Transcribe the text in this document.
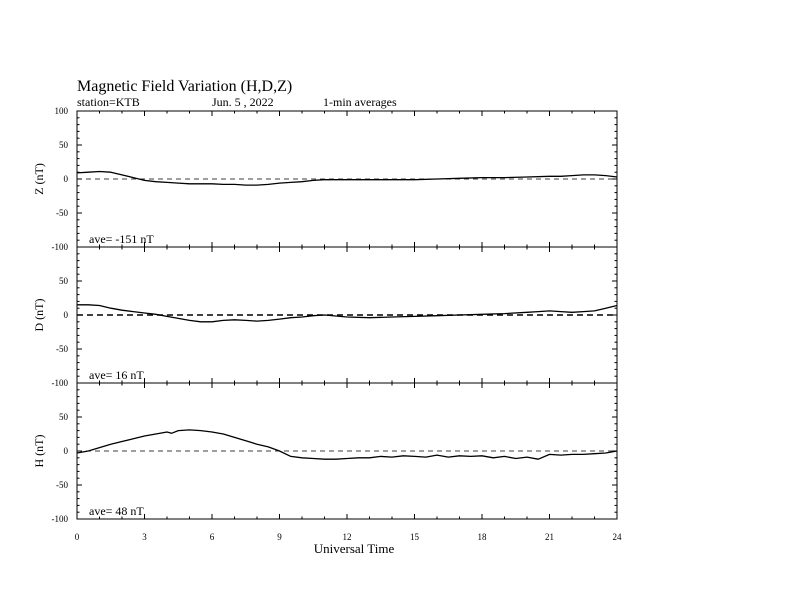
Magnetic Field Variation (H,D,Z)
station=KTB	Jun. 5 , 2022	1-min averages
100
50
0
-50
-100
Z (nT)
ave= -151 nT
50
0
-50
-100
D (nT)
ave= 16 nT
50
0
-50
-100
H (nT)
ave= 48 nT
0	3	6	9	12	15	18	21	24
Universal Time
